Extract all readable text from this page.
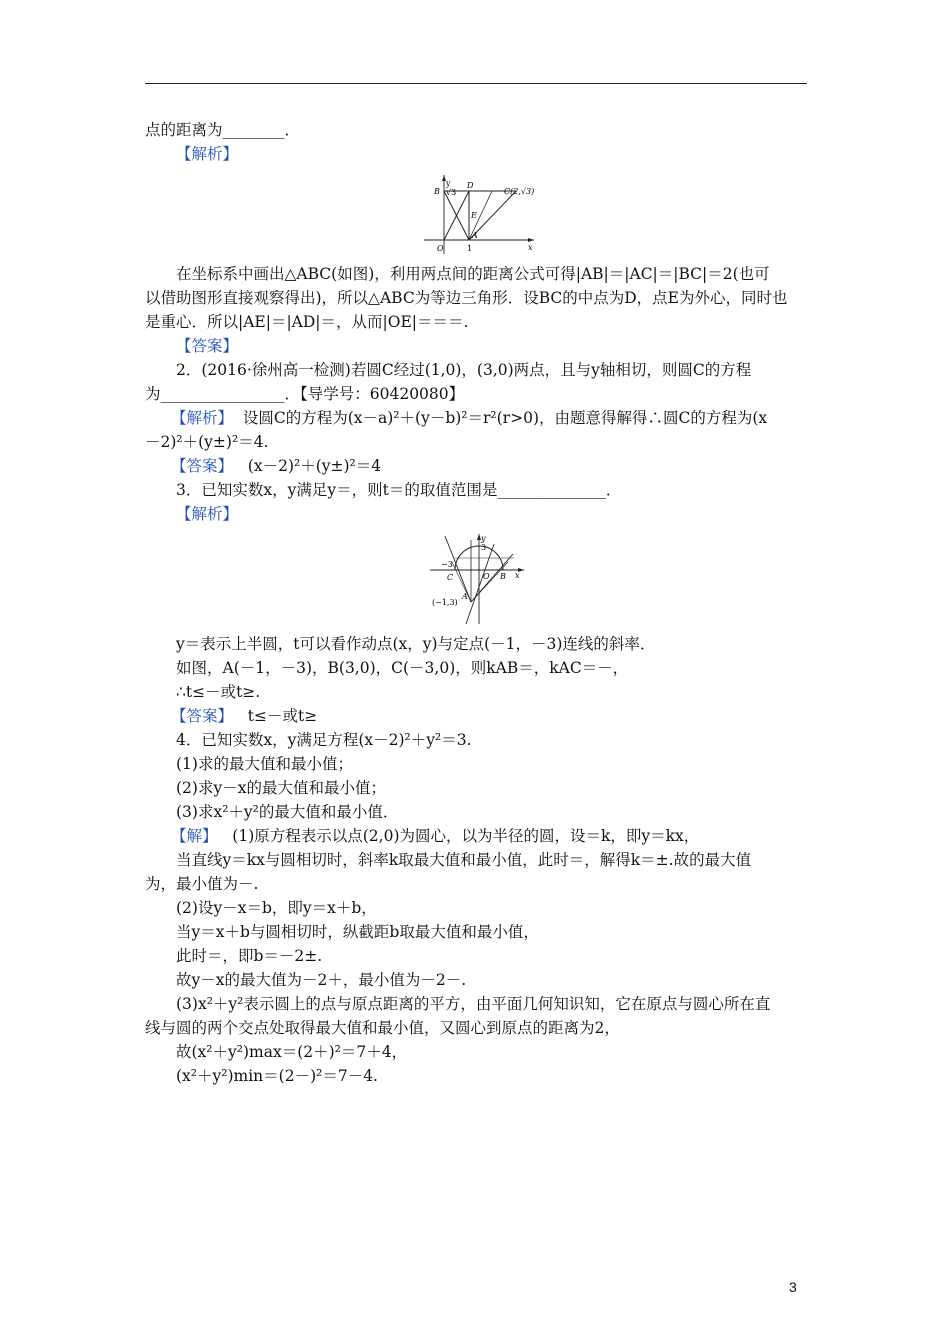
点的距离为________．

【解析】

y
√3
B
D
C(2,√3)
E
A
O	1	x

在坐标系中画出△ABC(如图)，利用两点间的距离公式可得|AB|＝|AC|＝|BC|＝2(也可

以借助图形直接观察得出)，所以△ABC为等边三角形．设BC的中点为D，点E为外心，同时也

是重心．所以|AE|＝|AD|＝，从而|OE|＝＝＝.

【答案】

2．(2016·徐州高一检测)若圆C经过(1,0)，(3,0)两点，且与y轴相切，则圆C的方程

为________________．【导学号：60420080】

【解析】 设圆C的方程为(x－a)²＋(y－b)²＝r²(r>0)，由题意得解得∴圆C的方程为(x

－2)²＋(y±)²＝4.

【答案】 (x－2)²＋(y±)²＝4

3．已知实数x，y满足y＝，则t＝的取值范围是______________．

【解析】

y
3
−3
C	O B x
A
(−1,3)

y＝表示上半圆，t可以看作动点(x，y)与定点(－1，－3)连线的斜率．

如图，A(－1，－3)，B(3,0)，C(－3,0)，则kAB＝，kAC＝－，

∴t≤－或t≥.

【答案】 t≤－或t≥

4．已知实数x，y满足方程(x－2)²＋y²＝3.

(1)求的最大值和最小值；

(2)求y－x的最大值和最小值；

(3)求x²＋y²的最大值和最小值．

【解】 (1)原方程表示以点(2,0)为圆心，以为半径的圆，设＝k，即y＝kx，

当直线y＝kx与圆相切时，斜率k取最大值和最小值，此时＝，解得k＝±.故的最大值

为，最小值为－.

(2)设y－x＝b，即y＝x＋b，

当y＝x＋b与圆相切时，纵截距b取最大值和最小值，

此时＝，即b＝－2±.

故y－x的最大值为－2＋，最小值为－2－.

(3)x²＋y²表示圆上的点与原点距离的平方，由平面几何知识知，它在原点与圆心所在直

线与圆的两个交点处取得最大值和最小值，又圆心到原点的距离为2，

故(x²＋y²)max＝(2＋)²＝7＋4，

(x²＋y²)min＝(2－)²＝7－4.

3
